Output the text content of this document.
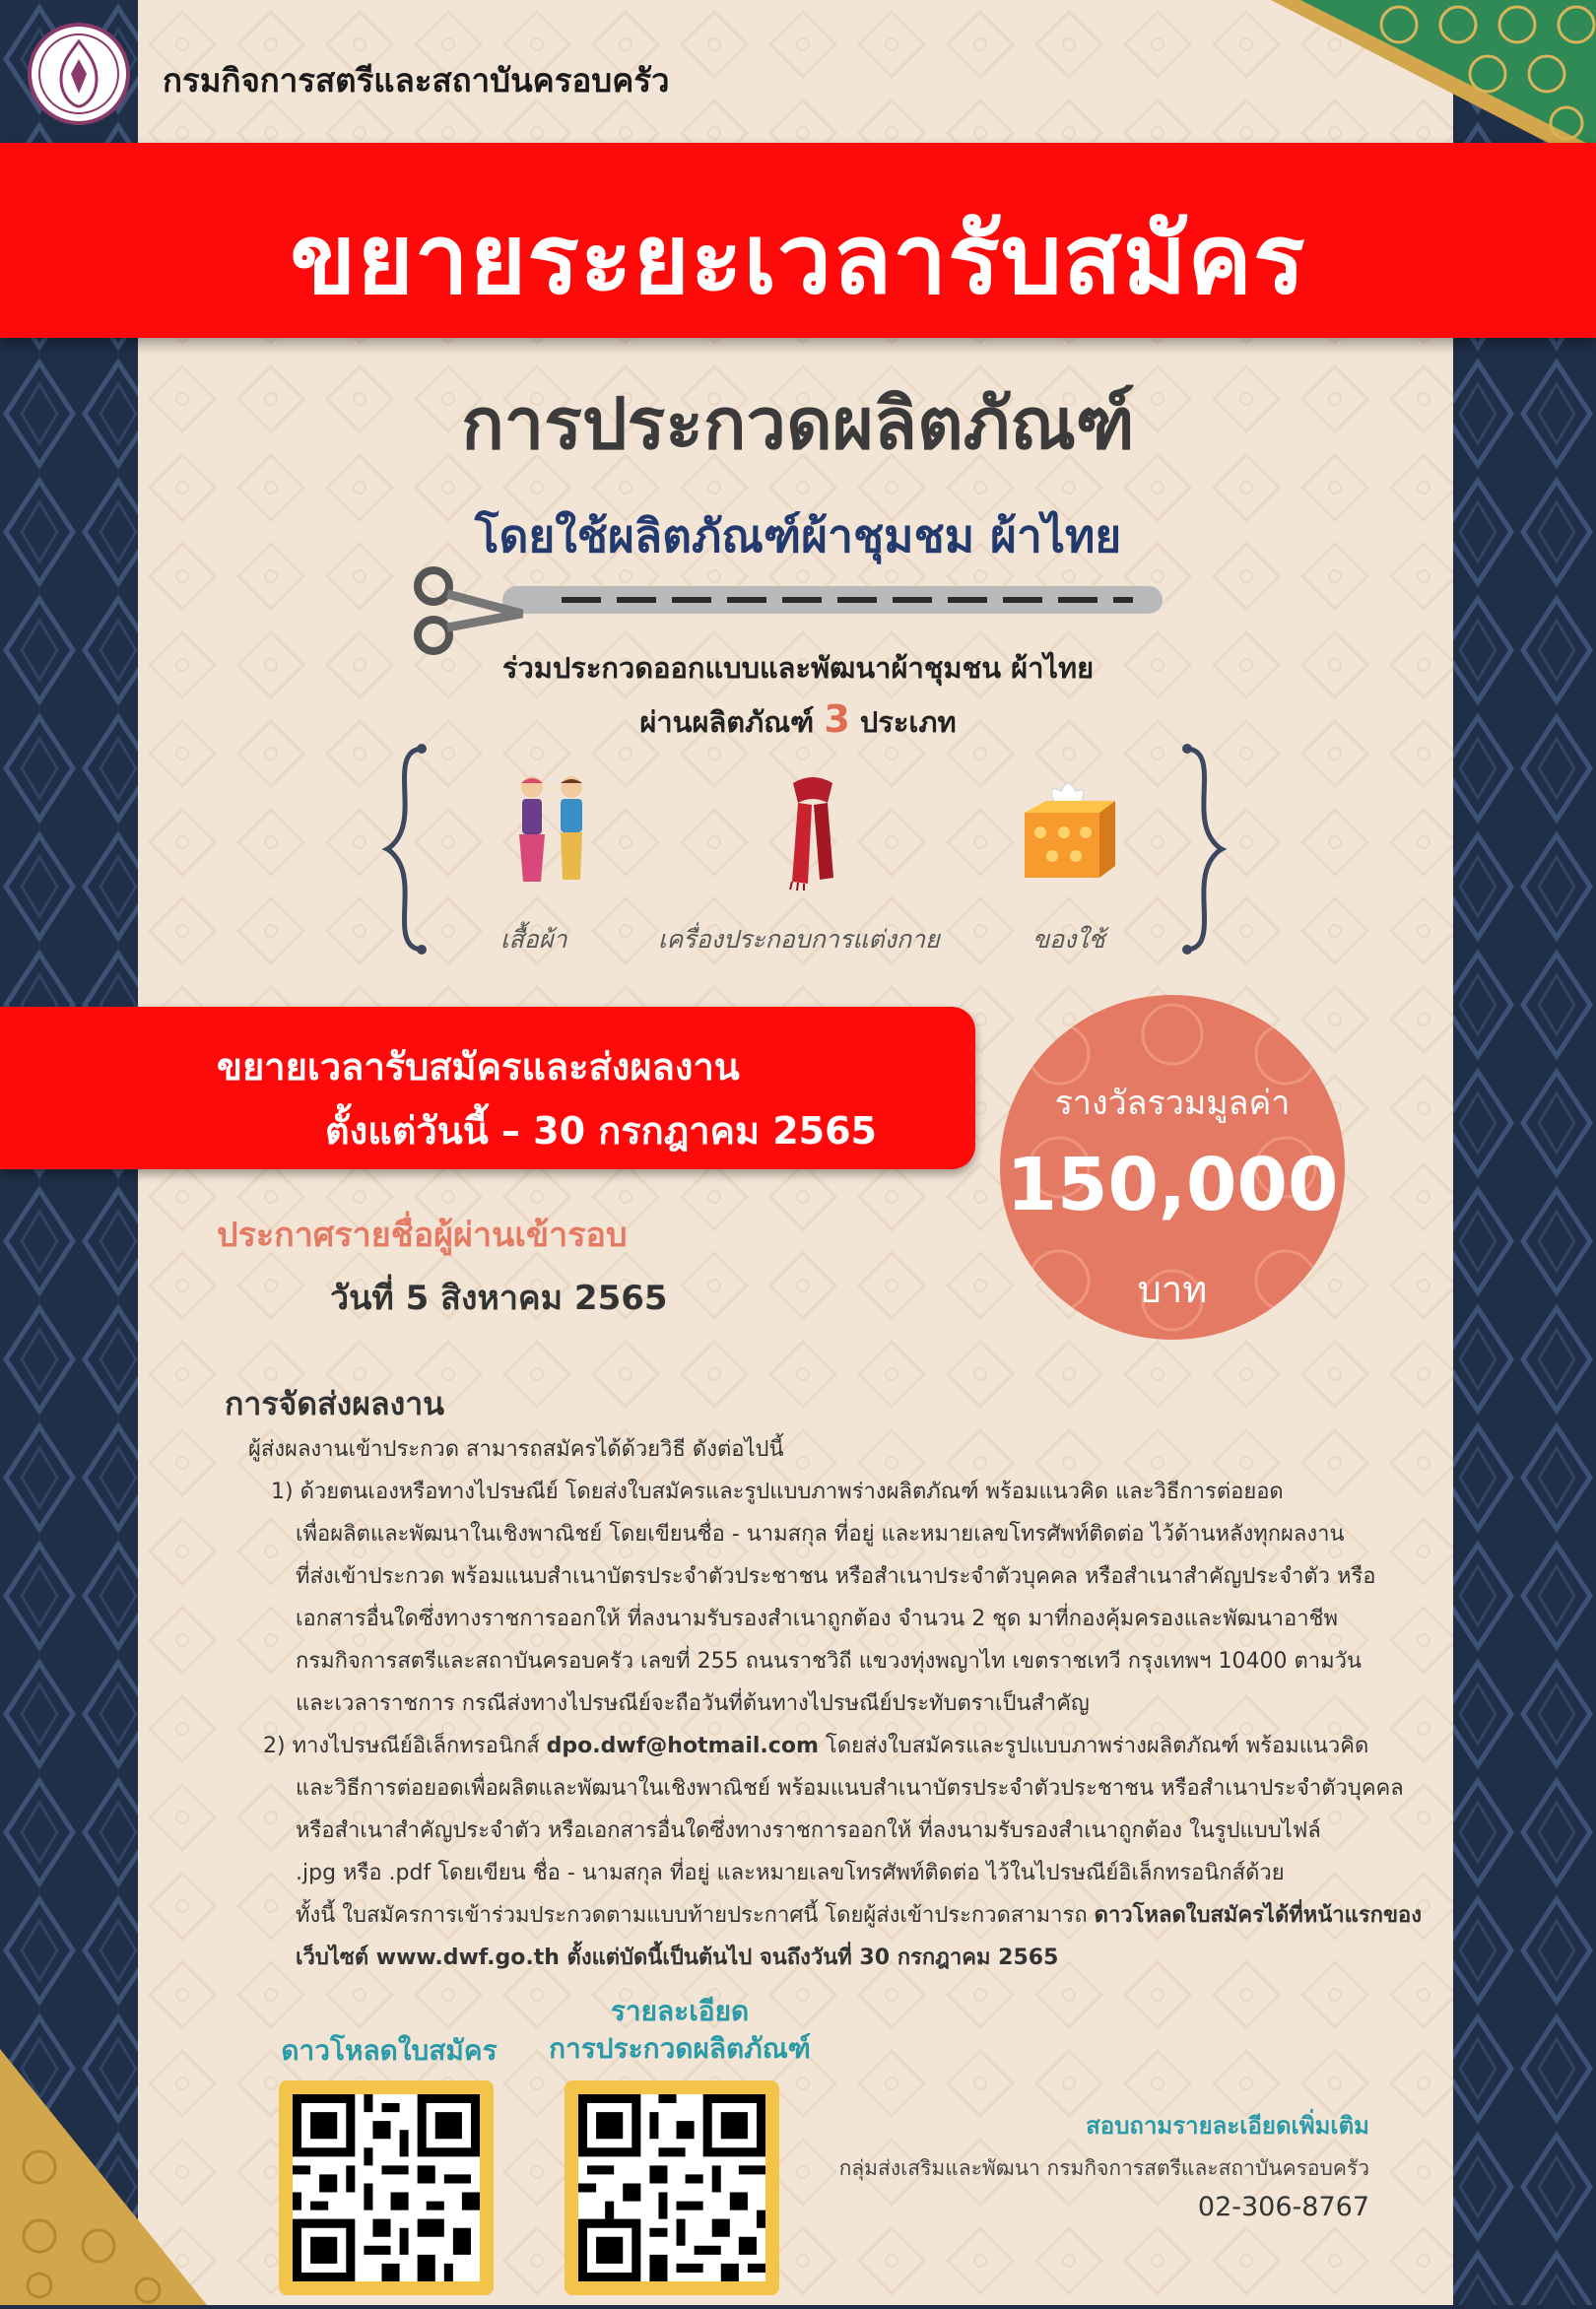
กรมกิจการสตรีและสถาบันครอบครัว
ขยายระยะเวลารับสมัคร
การประกวดผลิตภัณฑ์
โดยใช้ผลิตภัณฑ์ผ้าชุมชม ผ้าไทย
ร่วมประกวดออกแบบและพัฒนาผ้าชุมชน ผ้าไทย
ผ่านผลิตภัณฑ์ 3 ประเภท
เสื้อผ้า	เครื่องประกอบการแต่งกาย	ของใช้
ขยายเวลารับสมัครและส่งผลงาน
ตั้งแต่วันนี้ – 30 กรกฎาคม 2565
รางวัลรวมมูลค่า
150,000
บาท
ประกาศรายชื่อผู้ผ่านเข้ารอบ
วันที่ 5 สิงหาคม 2565
การจัดส่งผลงาน
ผู้ส่งผลงานเข้าประกวด สามารถสมัครได้ด้วยวิธี ดังต่อไปนี้
1) ด้วยตนเองหรือทางไปรษณีย์ โดยส่งใบสมัครและรูปแบบภาพร่างผลิตภัณฑ์ พร้อมแนวคิด และวิธีการต่อยอด
เพื่อผลิตและพัฒนาในเชิงพาณิชย์ โดยเขียนชื่อ - นามสกุล ที่อยู่ และหมายเลขโทรศัพท์ติดต่อ ไว้ด้านหลังทุกผลงาน
ที่ส่งเข้าประกวด พร้อมแนบสำเนาบัตรประจำตัวประชาชน หรือสำเนาประจำตัวบุคคล หรือสำเนาสำคัญประจำตัว หรือ
เอกสารอื่นใดซึ่งทางราชการออกให้ ที่ลงนามรับรองสำเนาถูกต้อง จำนวน 2 ชุด มาที่กองคุ้มครองและพัฒนาอาชีพ
กรมกิจการสตรีและสถาบันครอบครัว เลขที่ 255 ถนนราชวิถี แขวงทุ่งพญาไท เขตราชเทวี กรุงเทพฯ 10400 ตามวัน
และเวลาราชการ กรณีส่งทางไปรษณีย์จะถือวันที่ต้นทางไปรษณีย์ประทับตราเป็นสำคัญ
2) ทางไปรษณีย์อิเล็กทรอนิกส์ dpo.dwf@hotmail.com โดยส่งใบสมัครและรูปแบบภาพร่างผลิตภัณฑ์ พร้อมแนวคิด
และวิธีการต่อยอดเพื่อผลิตและพัฒนาในเชิงพาณิชย์ พร้อมแนบสำเนาบัตรประจำตัวประชาชน หรือสำเนาประจำตัวบุคคล
หรือสำเนาสำคัญประจำตัว หรือเอกสารอื่นใดซึ่งทางราชการออกให้ ที่ลงนามรับรองสำเนาถูกต้อง ในรูปแบบไฟล์
.jpg หรือ .pdf โดยเขียน ชื่อ - นามสกุล ที่อยู่ และหมายเลขโทรศัพท์ติดต่อ ไว้ในไปรษณีย์อิเล็กทรอนิกส์ด้วย
ทั้งนี้ ใบสมัครการเข้าร่วมประกวดตามแบบท้ายประกาศนี้ โดยผู้ส่งเข้าประกวดสามารถ ดาวโหลดใบสมัครได้ที่หน้าแรกของ
เว็บไซต์ www.dwf.go.th ตั้งแต่บัดนี้เป็นต้นไป จนถึงวันที่ 30 กรกฎาคม 2565
ดาวโหลดใบสมัคร
รายละเอียด
การประกวดผลิตภัณฑ์
สอบถามรายละเอียดเพิ่มเติม
กลุ่มส่งเสริมและพัฒนา กรมกิจการสตรีและสถาบันครอบครัว
02-306-8767
